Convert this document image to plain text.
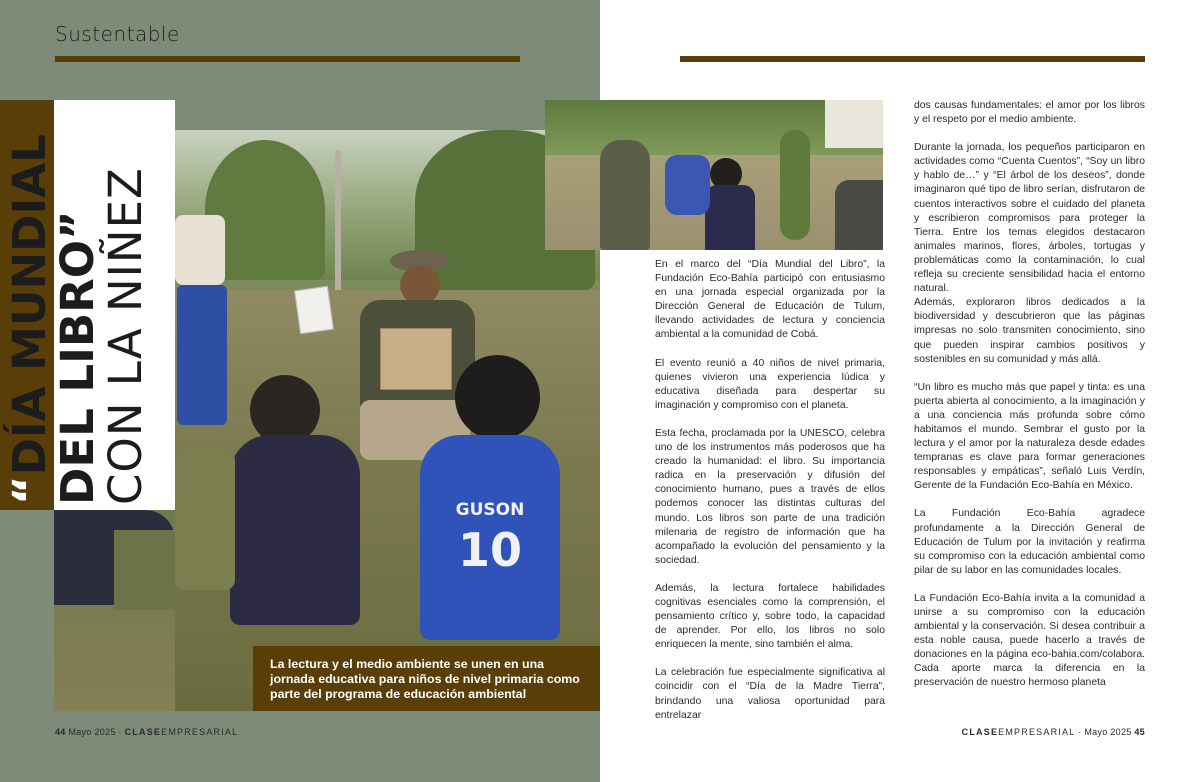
Sustentable
GUSON
10
“DÍA MUNDIAL
DEL LIBRO”
CON LA NIÑEZ
La lectura y el medio ambiente se unen en una jornada educativa para niños de nivel primaria como parte del programa de educación ambiental

En el marco del “Día Mundial del Libro”, la Fundación Eco-Bahía participó con entusiasmo en una jornada especial organizada por la Dirección General de Educación de Tulum, llevando actividades de lectura y conciencia ambiental a la comunidad de Cobá.

El evento reunió a 40 niños de nivel primaria, quienes vivieron una experiencia lúdica y educativa diseñada para despertar su imaginación y compromiso con el planeta.

Esta fecha, proclamada por la UNESCO, celebra uno de los instrumentos más poderosos que ha creado la humanidad: el libro. Su importancia radica en la preservación y difusión del conocimiento humano, pues a través de ellos podemos conocer las distintas culturas del mundo. Los libros son parte de una tradición milenaria de registro de información que ha acompañado la evolución del pensamiento y la sociedad.

Además, la lectura fortalece habilidades cognitivas esenciales como la comprensión, el pensamiento crítico y, sobre todo, la capacidad de aprender. Por ello, los libros no solo enriquecen la mente, sino también el alma.

La celebración fue especialmente significativa al coincidir con el “Día de la Madre Tierra”, brindando una valiosa oportunidad para entrelazar

dos causas fundamentales: el amor por los libros y el respeto por el medio ambiente.

Durante la jornada, los pequeños participaron en actividades como “Cuenta Cuentos”, “Soy un libro y hablo de…” y “El árbol de los deseos”, donde imaginaron qué tipo de libro serían, disfrutaron de cuentos interactivos sobre el cuidado del planeta y escribieron compromisos para proteger la Tierra. Entre los temas elegidos destacaron animales marinos, flores, árboles, tortugas y problemáticas como la contaminación, lo cual refleja su creciente sensibilidad hacia el entorno natural.

Además, exploraron libros dedicados a la biodiversidad y descubrieron que las páginas impresas no solo transmiten conocimiento, sino que pueden inspirar cambios positivos y sostenibles en su comunidad y más allá.

“Un libro es mucho más que papel y tinta: es una puerta abierta al conocimiento, a la imaginación y a una conciencia más profunda sobre cómo habitamos el mundo. Sembrar el gusto por la lectura y el amor por la naturaleza desde edades tempranas es clave para formar generaciones responsables y empáticas”, señaló Luis Verdín, Gerente de la Fundación Eco-Bahía en México.

La Fundación Eco-Bahía agradece profundamente a la Dirección General de Educación de Tulum por la invitación y reafirma su compromiso con la educación ambiental como pilar de su labor en las comunidades locales.

La Fundación Eco-Bahía invita a la comunidad a unirse a su compromiso con la educación ambiental y la conservación. Si desea contribuir a esta noble causa, puede hacerlo a través de donaciones en la página eco-bahia.com/colabora. Cada aporte marca la diferencia en la preservación de nuestro hermoso planeta

44 Mayo 2025 · CLASEEMPRESARIAL	CLASEEMPRESARIAL · Mayo 2025 45
